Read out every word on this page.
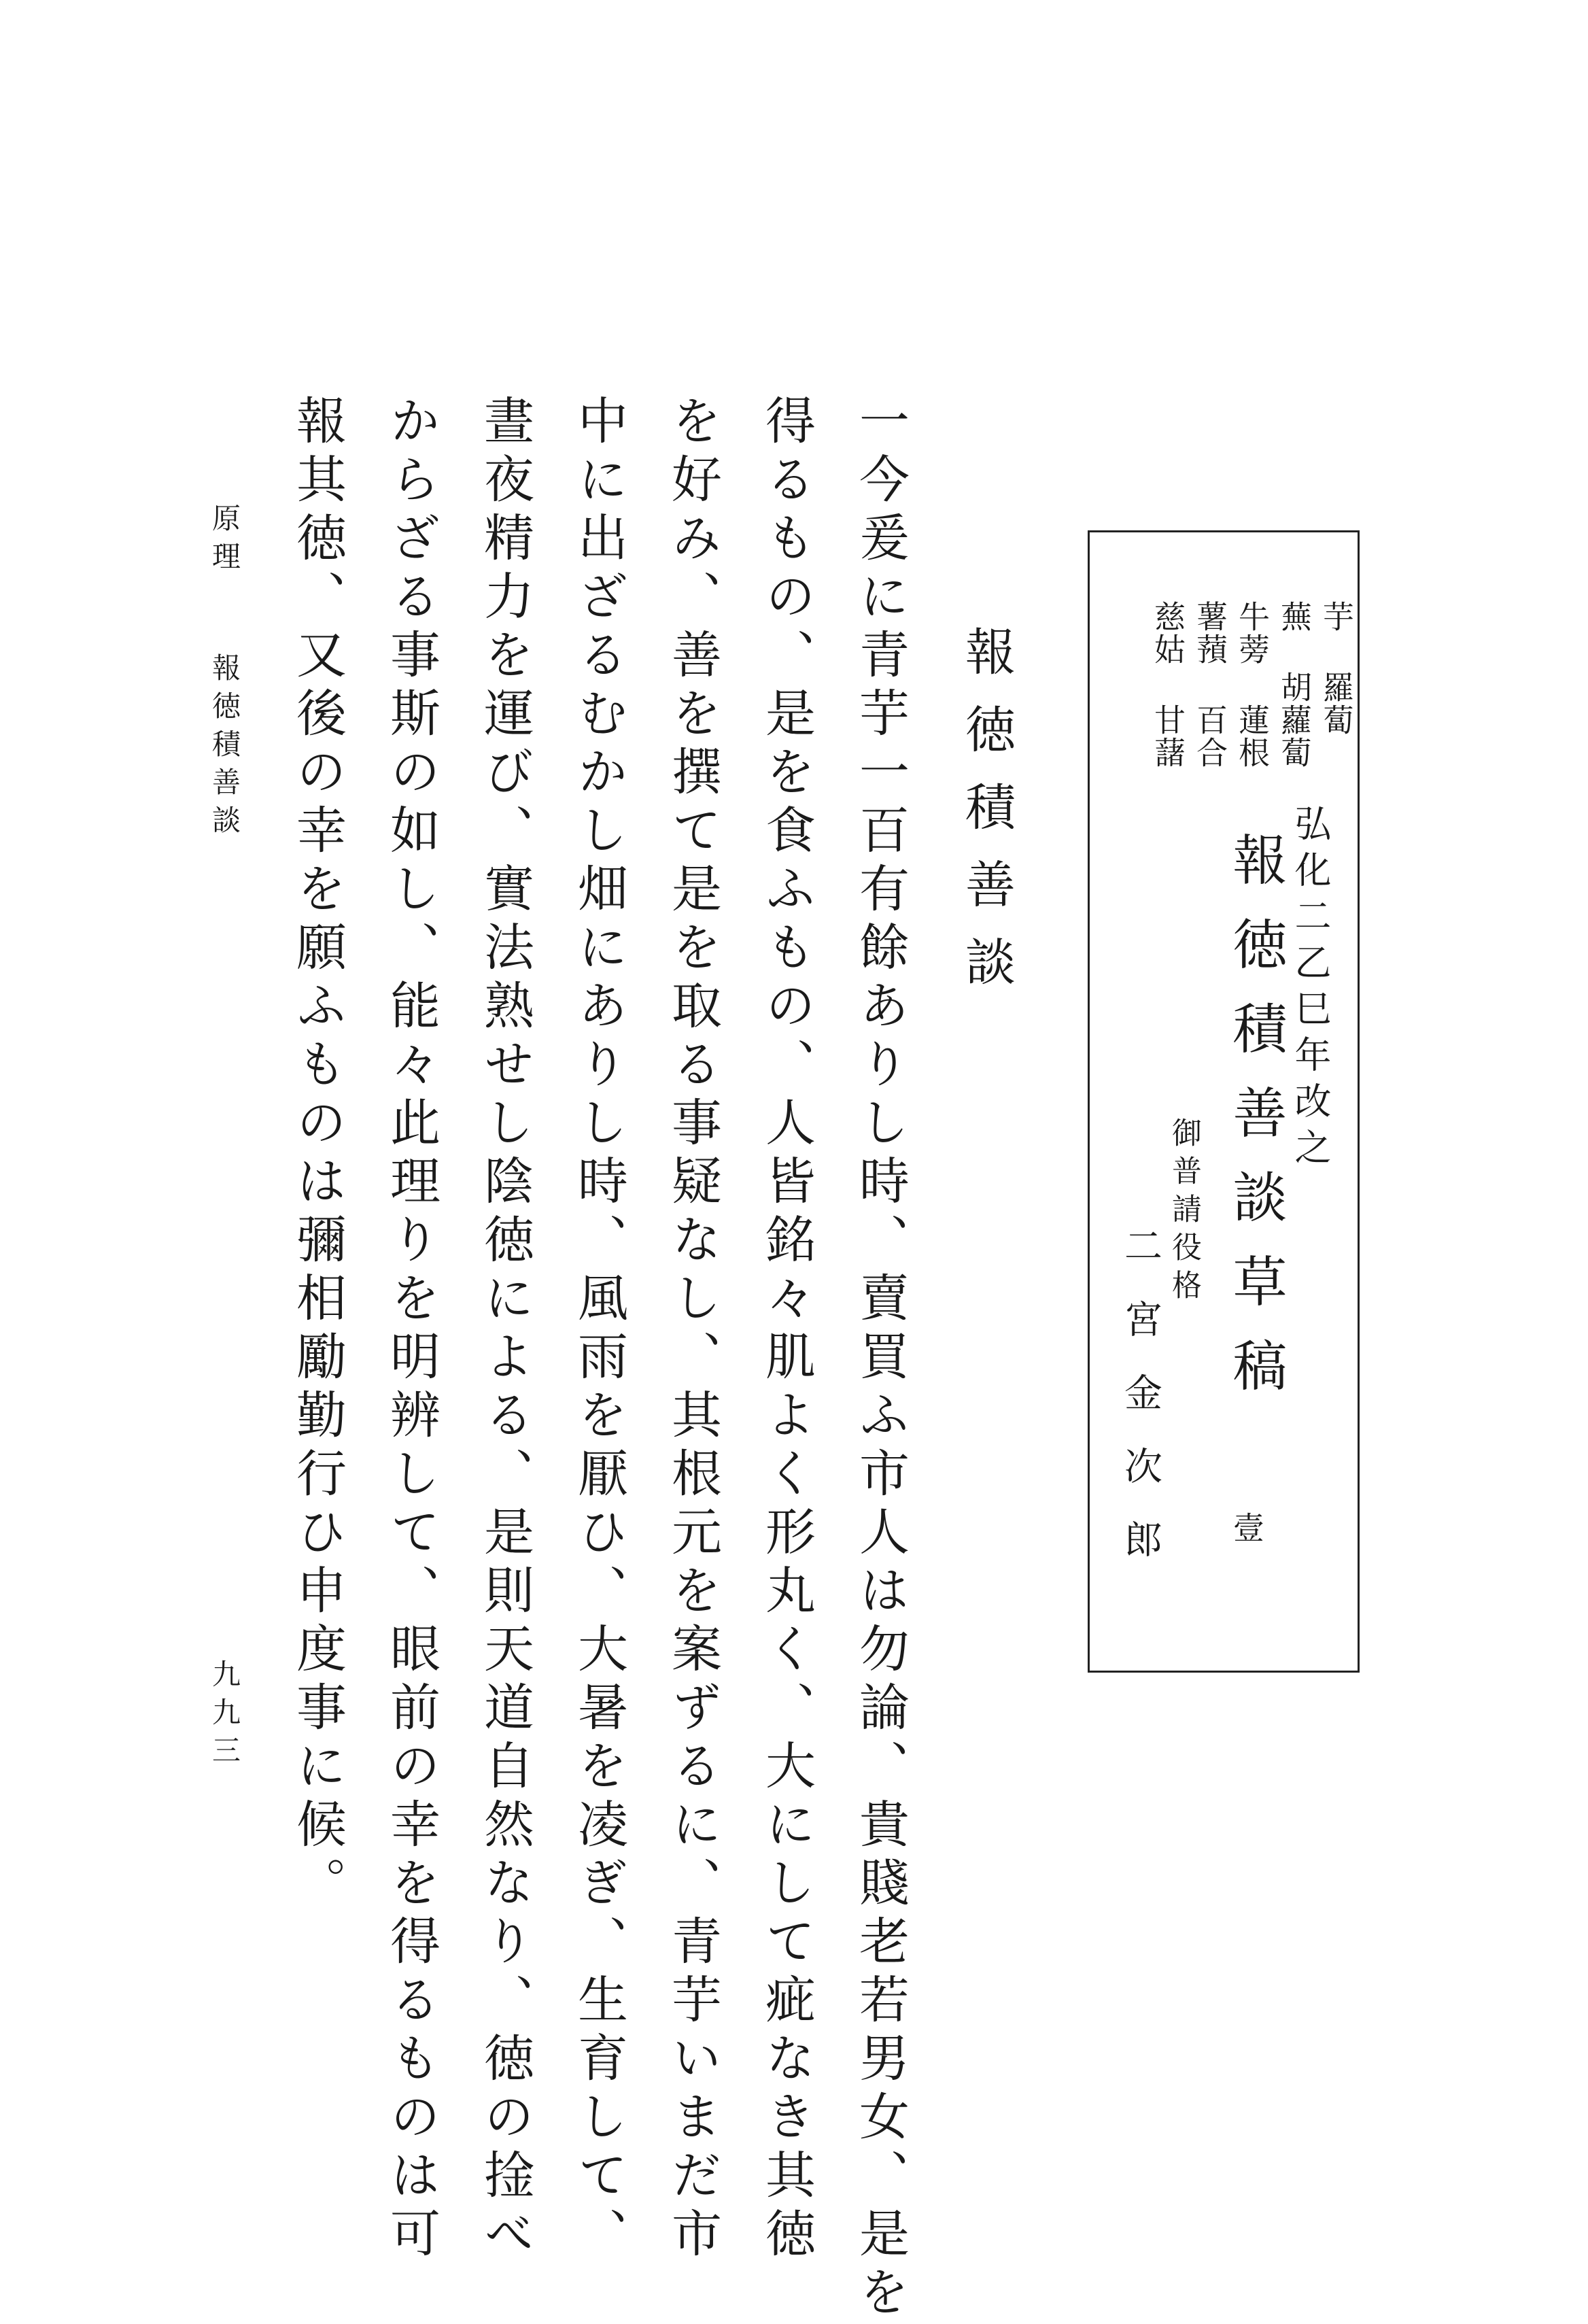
芋 羅蔔
蕪 胡蘿蔔
牛蒡 蓮根
薯蕷 百合
慈姑 甘藷
弘化二乙巳年改之
報徳積善談草稿
壹
御普請役格
二宮金次郎
報徳積善談
一今爰に青芋一百有餘ありし時、賣買ふ市人は勿論、貴賤老若男女、是を
得るもの、是を食ふもの、人皆銘々肌よく形丸く、大にして疵なき其徳
を好み、善を撰て是を取る事疑なし、其根元を案ずるに、青芋いまだ市
中に出ざるむかし畑にありし時、風雨を厭ひ、大暑を凌ぎ、生育して、
晝夜精力を運び、實法熟せし陰徳による、是則天道自然なり、徳の捦べ
からざる事斯の如し、能々此理りを明辨して、眼前の幸を得るものは可
報其徳、又後の幸を願ふものは彌相勵勤行ひ申度事に候。
原理
報徳積善談
九九三
